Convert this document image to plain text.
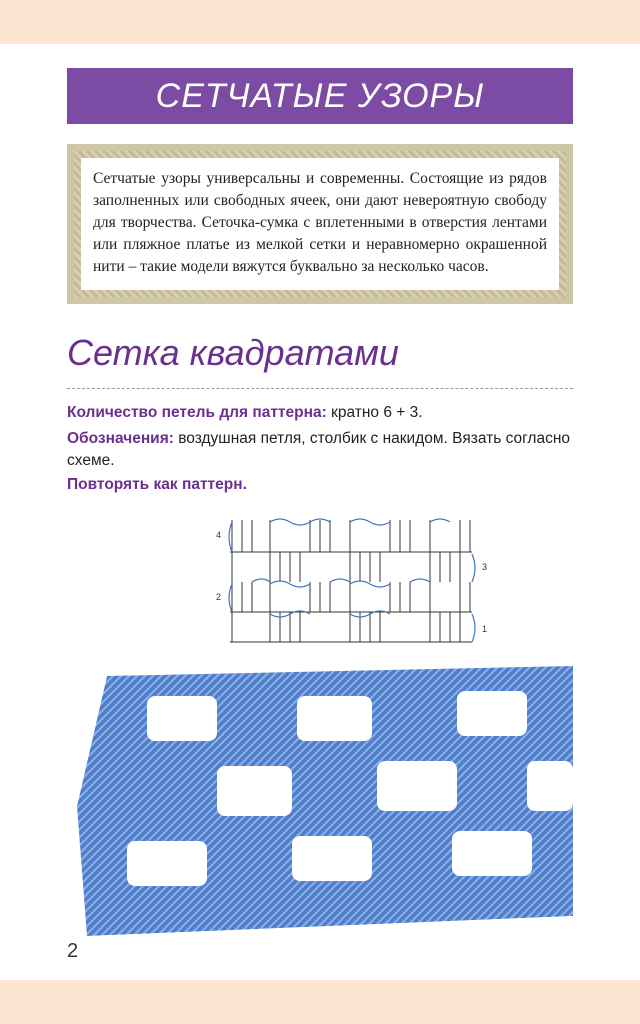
СЕТЧАТЫЕ УЗОРЫ
Сетчатые узоры универсальны и современны. Состоящие из рядов заполненных или свободных ячеек, они дают невероятную свободу для творчества. Сеточка-сумка с вплетенными в отверстия лентами или пляжное платье из мелкой сетки и неравномерно окрашенной нити – такие модели вяжутся буквально за несколько часов.
Сетка квадратами
Количество петель для паттерна: кратно 6 + 3.
Обозначения: воздушная петля, столбик с накидом. Вязать согласно схеме.
Повторять как паттерн.
4
3
2
1
2
